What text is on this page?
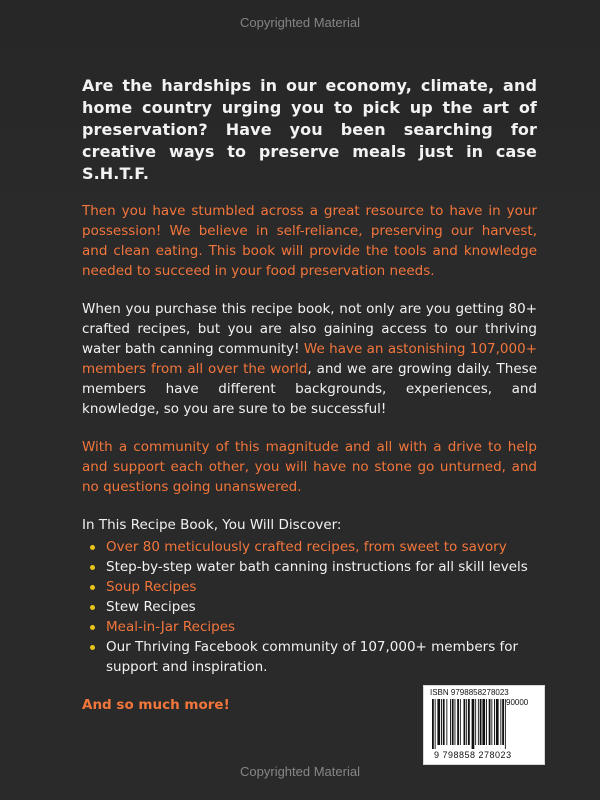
Copyrighted Material

Are the hardships in our economy, climate, and home country urging you to pick up the art of preservation? Have you been searching for creative ways to preserve meals just in case S.H.T.F.

Then you have stumbled across a great resource to have in your possession! We believe in self-reliance, preserving our harvest, and clean eating. This book will provide the tools and knowledge needed to succeed in your food preservation needs.

When you purchase this recipe book, not only are you getting 80+ crafted recipes, but you are also gaining access to our thriving water bath canning community! We have an astonishing 107,000+ members from all over the world, and we are growing daily. These members have different backgrounds, experiences, and knowledge, so you are sure to be successful!

With a community of this magnitude and all with a drive to help and support each other, you will have no stone go unturned, and no questions going unanswered.

In This Recipe Book, You Will Discover:
Over 80 meticulously crafted recipes, from sweet to savory
Step-by-step water bath canning instructions for all skill levels
Soup Recipes
Stew Recipes
Meal-in-Jar Recipes
Our Thriving Facebook community of 107,000+ members for support and inspiration.
And so much more!
ISBN 9798858278023
9 798858 278023
90000
Copyrighted Material
